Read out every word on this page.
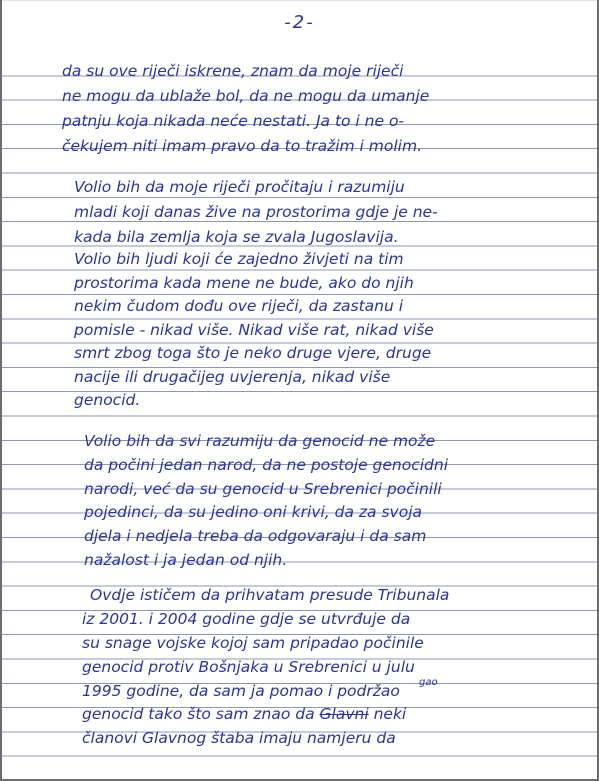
-2-
da su ove riječi iskrene, znam da moje riječi
ne mogu da ublaže bol, da ne mogu da umanje
patnju koja nikada neće nestati. Ja to i ne o-
čekujem niti imam pravo da to tražim i molim.
Volio bih da moje riječi pročitaju i razumiju
mladi koji danas žive na prostorima gdje je ne-
kada bila zemlja koja se zvala Jugoslavija.
Volio bih ljudi koji će zajedno živjeti na tim
prostorima kada mene ne bude, ako do njih
nekim čudom dođu ove riječi, da zastanu i
pomisle - nikad više. Nikad više rat, nikad više
smrt zbog toga što je neko druge vjere, druge
nacije ili drugačijeg uvjerenja, nikad više
genocid.
Volio bih da svi razumiju da genocid ne može
da počini jedan narod, da ne postoje genocidni
narodi, već da su genocid u Srebrenici počinili
pojedinci, da su jedino oni krivi, da za svoja
djela i nedjela treba da odgovaraju i da sam
nažalost i ja jedan od njih.
Ovdje ističem da prihvatam presude Tribunala
iz 2001. i 2004 godine gdje se utvrđuje da
su snage vojske kojoj sam pripadao počinile
genocid protiv Bošnjaka u Srebrenici u julu
1995 godine, da sam ja pomao i podržao gao
genocid tako što sam znao da Glavni neki
članovi Glavnog štaba imaju namjeru da
